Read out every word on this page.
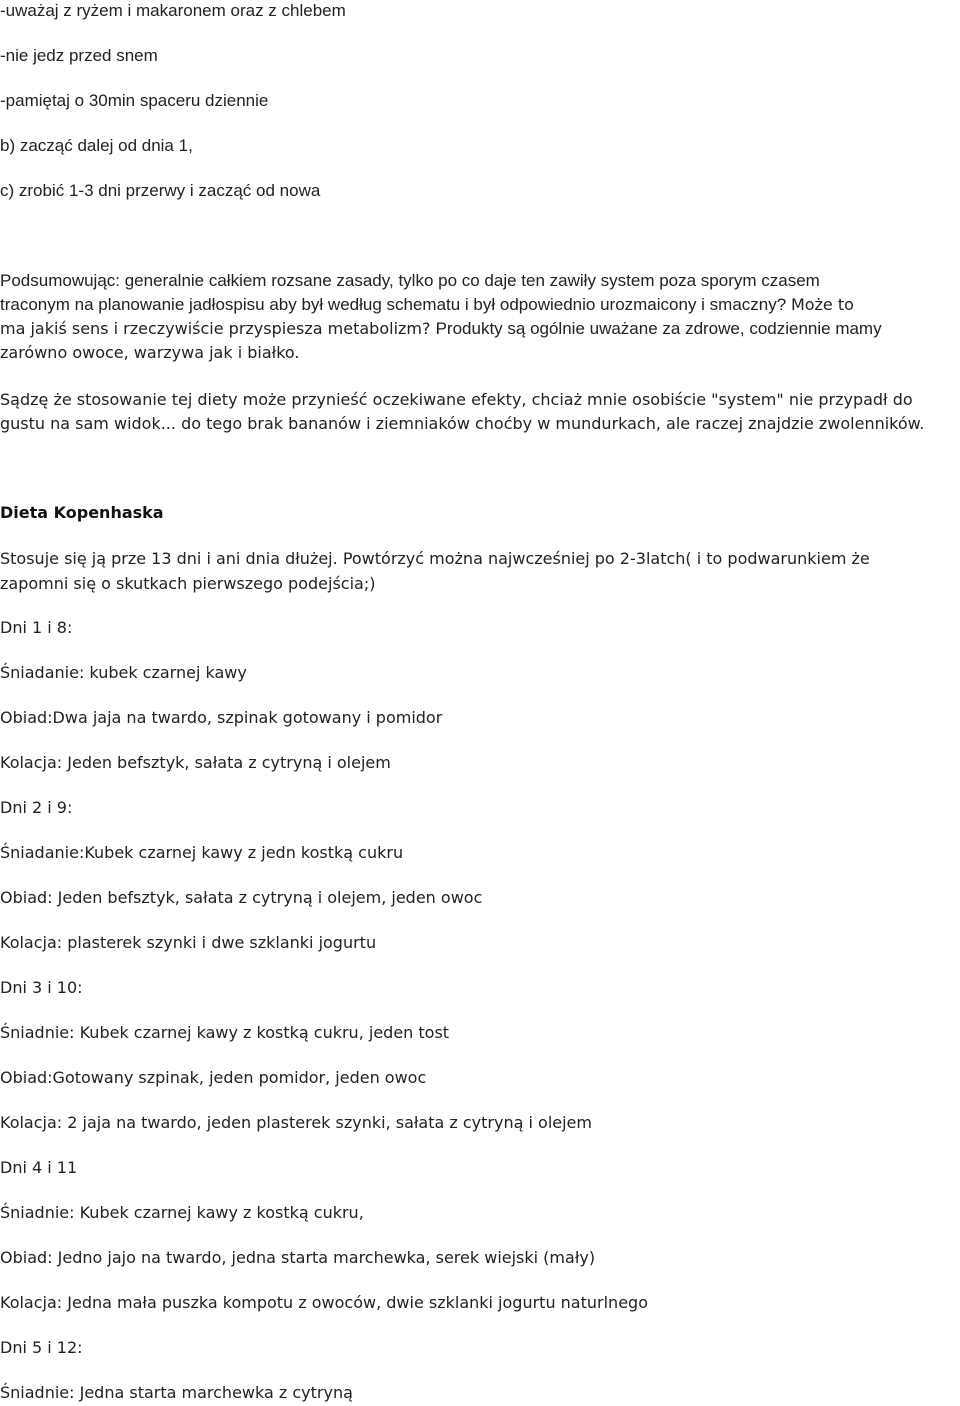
-uważaj z ryżem i makaronem oraz z chlebem
-nie jedz przed snem
-pamiętaj o 30min spaceru dziennie
b) zacząć dalej od dnia 1,
c) zrobić 1-3 dni przerwy i zacząć od nowa
Podsumowując: generalnie całkiem rozsane zasady, tylko po co daje ten zawiły system poza sporym czasem
traconym na planowanie jadłospisu aby był według schematu i był odpowiednio urozmaicony i smaczny? Może to
ma jakiś sens i rzeczywiście przyspiesza metabolizm? Produkty są ogólnie uważane za zdrowe, codziennie mamy
zarówno owoce, warzywa jak i białko.
Sądzę że stosowanie tej diety może przynieść oczekiwane efekty, chciaż mnie osobiście "system" nie przypadł do
gustu na sam widok... do tego brak bananów i ziemniaków choćby w mundurkach, ale raczej znajdzie zwolenników.
Dieta Kopenhaska
Stosuje się ją prze 13 dni i ani dnia dłużej. Powtórzyć można najwcześniej po 2-3latch( i to podwarunkiem że
zapomni się o skutkach pierwszego podejścia;)
Dni 1 i 8:
Śniadanie: kubek czarnej kawy
Obiad:Dwa jaja na twardo, szpinak gotowany i pomidor
Kolacja: Jeden befsztyk, sałata z cytryną i olejem
Dni 2 i 9:
Śniadanie:Kubek czarnej kawy z jedn kostką cukru
Obiad: Jeden befsztyk, sałata z cytryną i olejem, jeden owoc
Kolacja: plasterek szynki i dwe szklanki jogurtu
Dni 3 i 10:
Śniadnie: Kubek czarnej kawy z kostką cukru, jeden tost
Obiad:Gotowany szpinak, jeden pomidor, jeden owoc
Kolacja: 2 jaja na twardo, jeden plasterek szynki, sałata z cytryną i olejem
Dni 4 i 11
Śniadnie: Kubek czarnej kawy z kostką cukru,
Obiad: Jedno jajo na twardo, jedna starta marchewka, serek wiejski (mały)
Kolacja: Jedna mała puszka kompotu z owoców, dwie szklanki jogurtu naturlnego
Dni 5 i 12:
Śniadnie: Jedna starta marchewka z cytryną
